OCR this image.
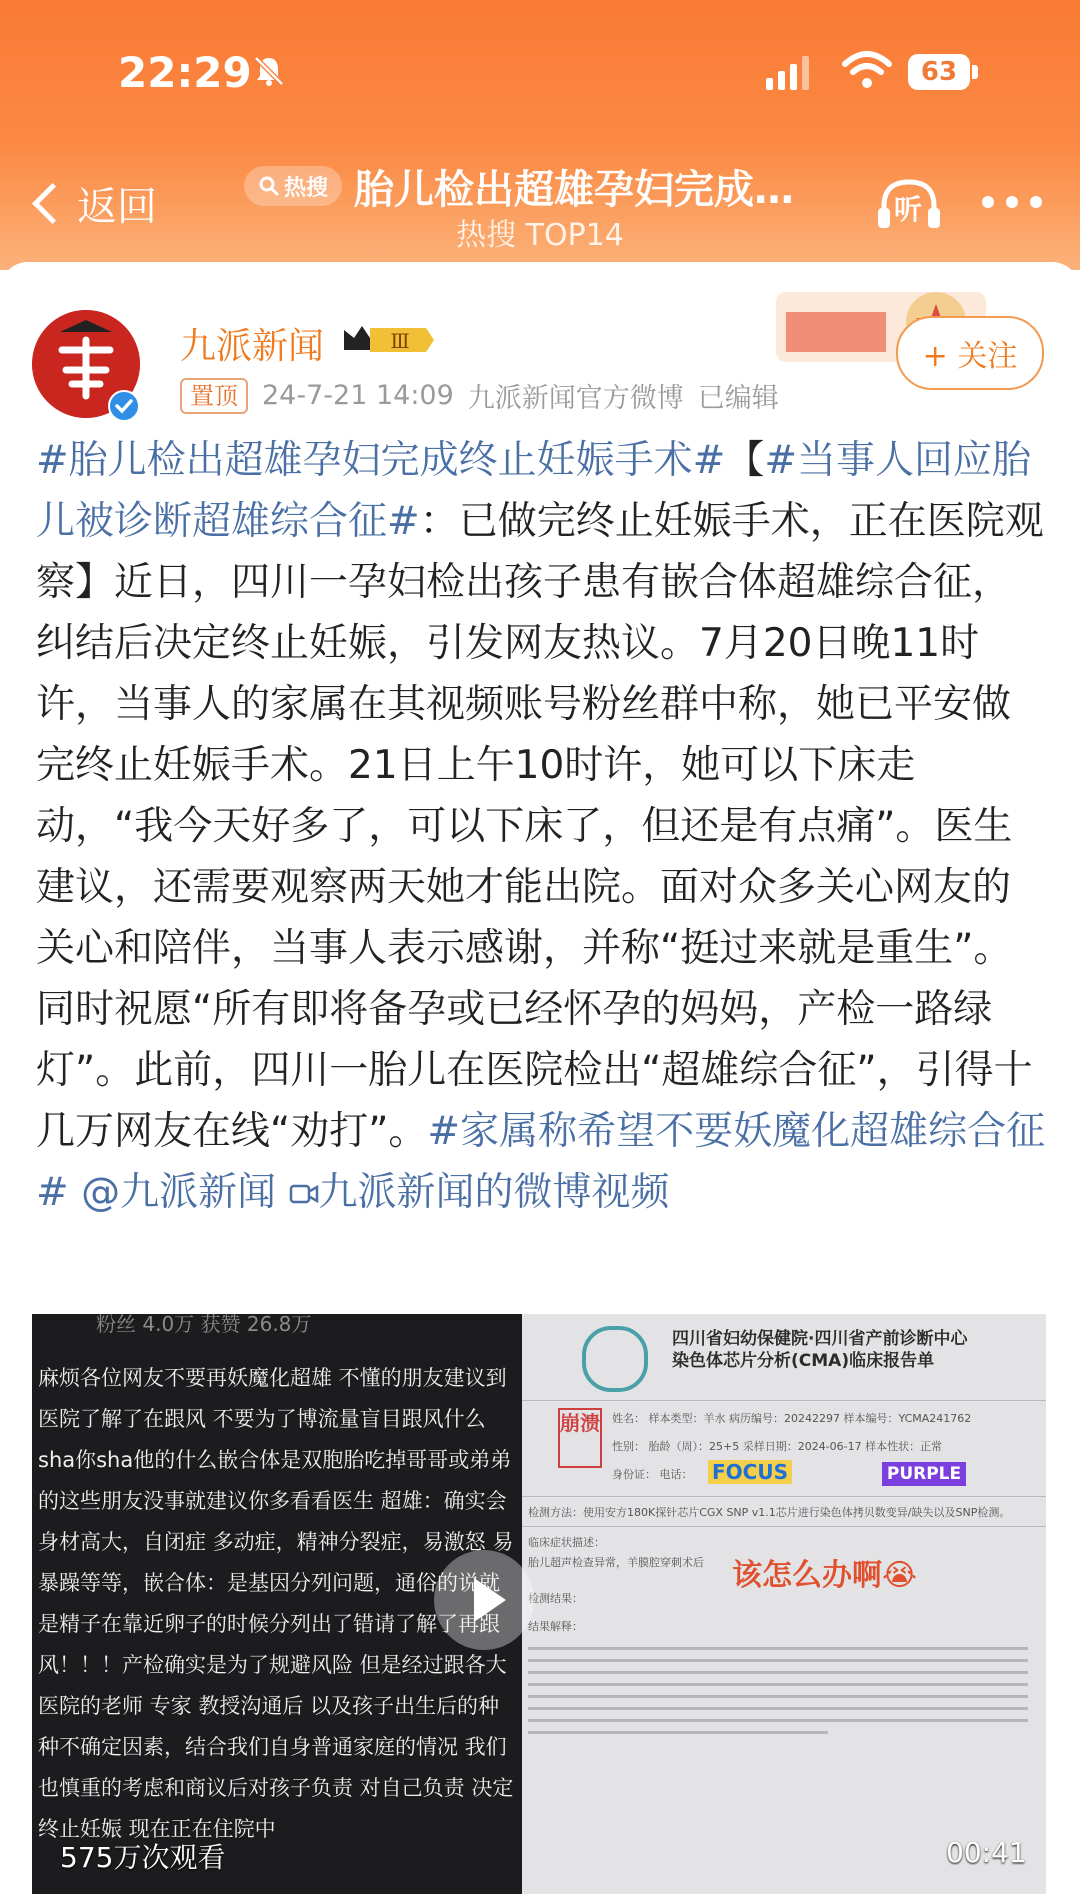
22:29	63
返回	热搜 胎儿检出超雄孕妇完成…
热搜 TOP14
听
九派新闻	Ⅲ	+ 关注
置顶 24-7-21 14:09 九派新闻官方微博 已编辑
#胎儿检出超雄孕妇完成终止妊娠手术#【#当事人回应胎儿被诊断超雄综合征#：已做完终止妊娠手术，正在医院观察】近日，四川一孕妇检出孩子患有嵌合体超雄综合征，纠结后决定终止妊娠，引发网友热议。7月20日晚11时许，当事人的家属在其视频账号粉丝群中称，她已平安做完终止妊娠手术。21日上午10时许，她可以下床走动，“我今天好多了，可以下床了，但还是有点痛”。医生建议，还需要观察两天她才能出院。面对众多关心网友的关心和陪伴，当事人表示感谢，并称“挺过来就是重生”。同时祝愿“所有即将备孕或已经怀孕的妈妈，产检一路绿灯”。此前，四川一胎儿在医院检出“超雄综合征”，引得十几万网友在线“劝打”。#家属称希望不要妖魔化超雄综合征# @九派新闻 九派新闻的微博视频
粉丝 4.0万 获赞 26.8万
麻烦各位网友不要再妖魔化超雄 不懂的朋友建议到医院了解了在跟风 不要为了博流量盲目跟风什么 sha你sha他的什么嵌合体是双胞胎吃掉哥哥或弟弟的这些朋友没事就建议你多看看医生 超雄：确实会身材高大，自闭症 多动症，精神分裂症，易激怒 易暴躁等等，嵌合体：是基因分列问题，通俗的说就是精子在靠近卵子的时候分列出了错请了解了再跟风！！！产检确实是为了规避风险 但是经过跟各大医院的老师 专家 教授沟通后 以及孩子出生后的种种不确定因素，结合我们自身普通家庭的情况 我们也慎重的考虑和商议后对孩子负责 对自己负责 决定终止妊娠 现在正在住院中
四川省妇幼保健院·四川省产前诊断中心
染色体芯片分析(CMA)临床报告单
姓名： 样本类型：羊水 病历编号：20242297 样本编号：YCMA241762
性别： 胎龄（周）：25+5 采样日期：2024-06-17 样本性状：正常
身份证： 电话：
崩溃
FOCUS	PURPLE
检测方法：使用安方180K探针芯片CGX SNP v1.1芯片进行染色体拷贝数变异/缺失以及SNP检测。
临床症状描述：
胎儿超声检查异常，羊膜腔穿刺术后 该怎么办啊😭
检测结果：
结果解释：
575万次观看	00:41
